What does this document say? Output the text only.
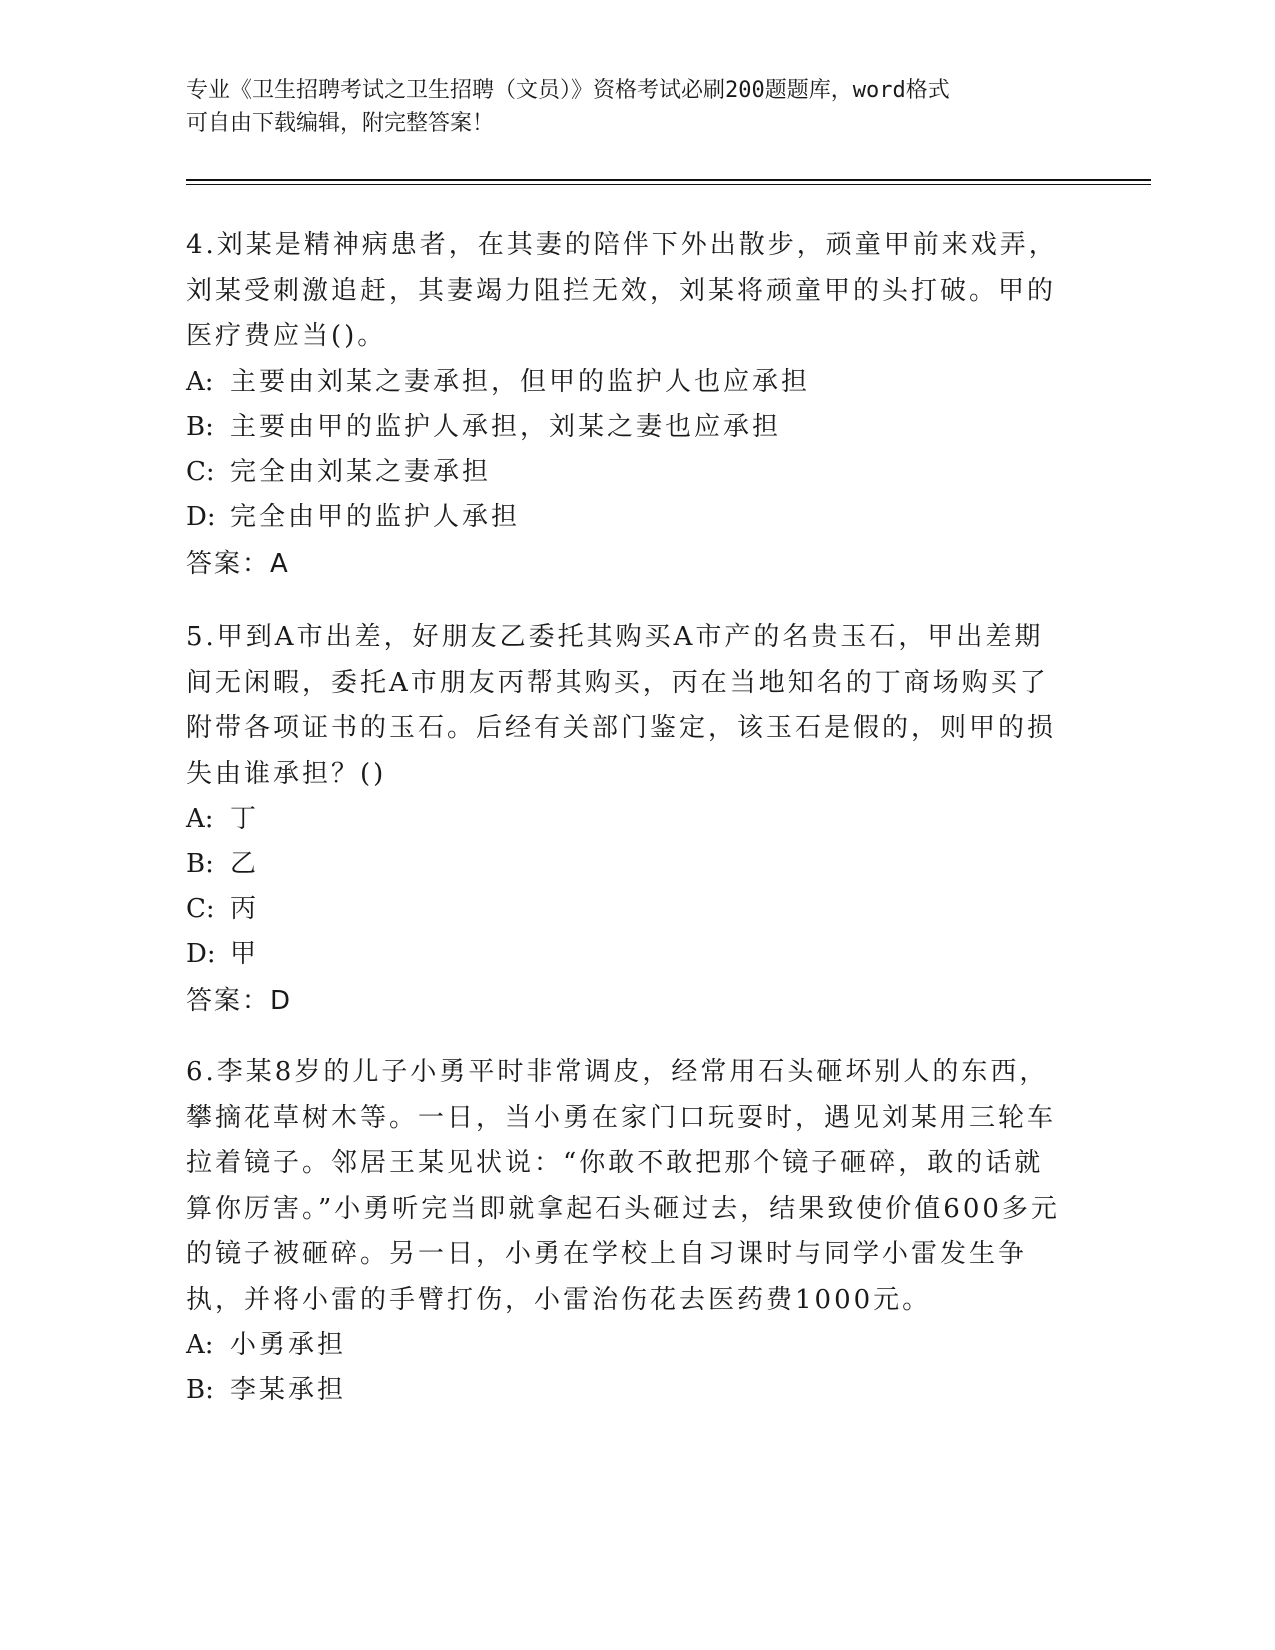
专业《卫生招聘考试之卫生招聘（文员）》资格考试必刷200题题库，word格式
可自由下载编辑，附完整答案！

4.刘某是精神病患者，在其妻的陪伴下外出散步，顽童甲前来戏弄，刘某受刺激追赶，其妻竭力阻拦无效，刘某将顽童甲的头打破。甲的医疗费应当()。

A: 主要由刘某之妻承担，但甲的监护人也应承担
B: 主要由甲的监护人承担，刘某之妻也应承担
C: 完全由刘某之妻承担
D: 完全由甲的监护人承担
答案：A

5.甲到A市出差，好朋友乙委托其购买A市产的名贵玉石，甲出差期间无闲暇，委托A市朋友丙帮其购买，丙在当地知名的丁商场购买了附带各项证书的玉石。后经有关部门鉴定，该玉石是假的，则甲的损失由谁承担？()

A: 丁
B: 乙
C: 丙
D: 甲
答案：D

6.李某8岁的儿子小勇平时非常调皮，经常用石头砸坏别人的东西，攀摘花草树木等。一日，当小勇在家门口玩耍时，遇见刘某用三轮车拉着镜子。邻居王某见状说：“你敢不敢把那个镜子砸碎，敢的话就算你厉害。”小勇听完当即就拿起石头砸过去，结果致使价值600多元的镜子被砸碎。另一日，小勇在学校上自习课时与同学小雷发生争执，并将小雷的手臂打伤，小雷治伤花去医药费1000元。

A: 小勇承担
B: 李某承担
